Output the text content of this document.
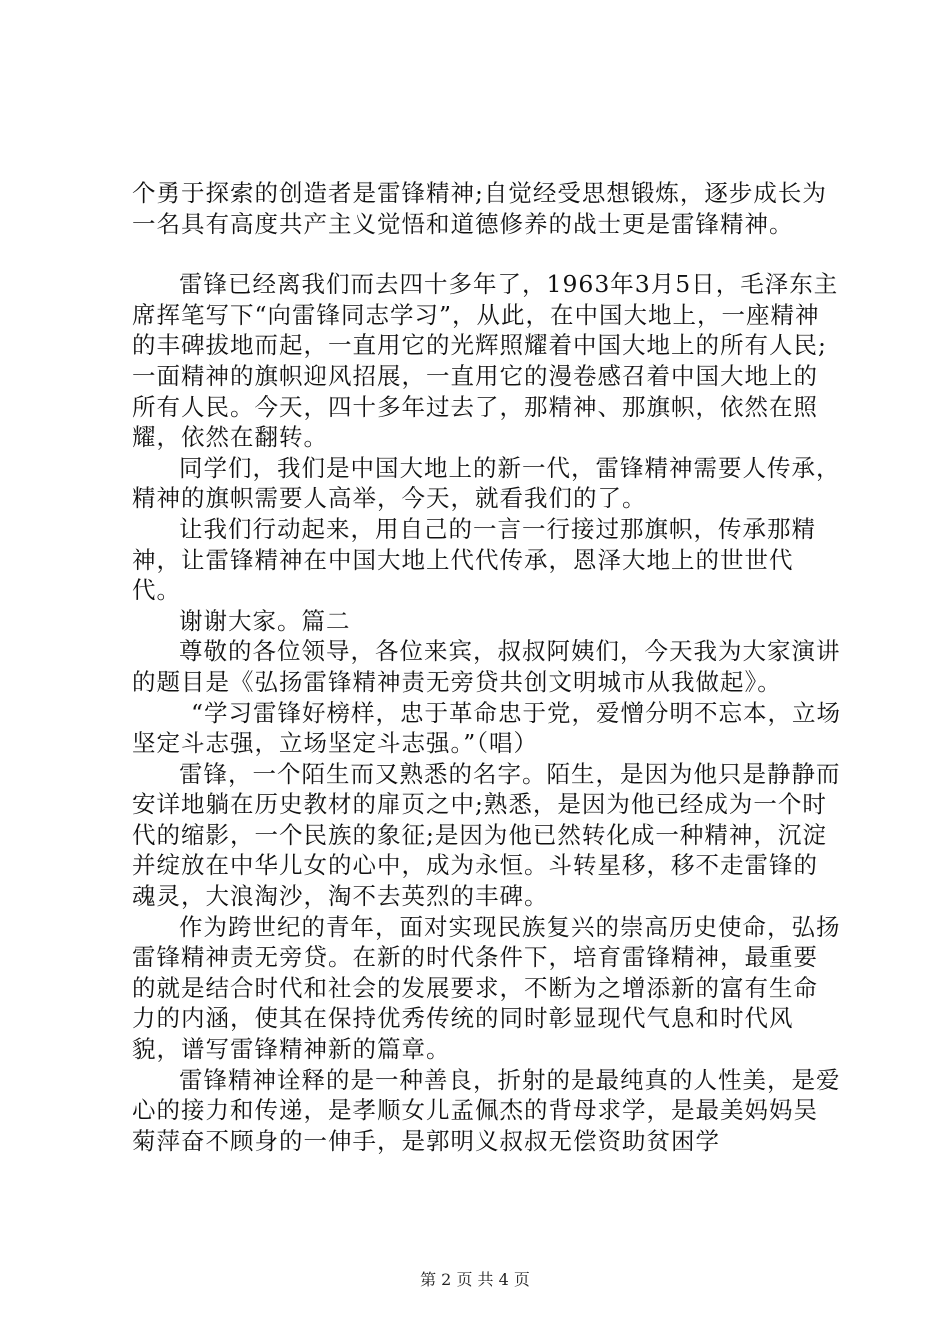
个勇于探索的创造者是雷锋精神;自觉经受思想锻炼，逐步成长为一名具有高度共产主义觉悟和道德修养的战士更是雷锋精神。

雷锋已经离我们而去四十多年了，1963年3月5日，毛泽东主席挥笔写下“向雷锋同志学习”，从此，在中国大地上，一座精神的丰碑拔地而起，一直用它的光辉照耀着中国大地上的所有人民;一面精神的旗帜迎风招展，一直用它的漫卷感召着中国大地上的所有人民。今天，四十多年过去了，那精神、那旗帜，依然在照耀，依然在翻转。

同学们，我们是中国大地上的新一代，雷锋精神需要人传承，精神的旗帜需要人高举，今天，就看我们的了。

让我们行动起来，用自己的一言一行接过那旗帜，传承那精神，让雷锋精神在中国大地上代代传承，恩泽大地上的世世代代。

谢谢大家。篇二

尊敬的各位领导，各位来宾，叔叔阿姨们，今天我为大家演讲的题目是《弘扬雷锋精神责无旁贷共创文明城市从我做起》。

“学习雷锋好榜样，忠于革命忠于党，爱憎分明不忘本，立场坚定斗志强，立场坚定斗志强。”（唱）

雷锋，一个陌生而又熟悉的名字。陌生，是因为他只是静静而安详地躺在历史教材的扉页之中;熟悉，是因为他已经成为一个时代的缩影，一个民族的象征;是因为他已然转化成一种精神，沉淀并绽放在中华儿女的心中，成为永恒。斗转星移，移不走雷锋的魂灵，大浪淘沙，淘不去英烈的丰碑。

作为跨世纪的青年，面对实现民族复兴的崇高历史使命，弘扬雷锋精神责无旁贷。在新的时代条件下，培育雷锋精神，最重要的就是结合时代和社会的发展要求，不断为之增添新的富有生命力的内涵，使其在保持优秀传统的同时彰显现代气息和时代风貌，谱写雷锋精神新的篇章。

雷锋精神诠释的是一种善良，折射的是最纯真的人性美，是爱心的接力和传递，是孝顺女儿孟佩杰的背母求学，是最美妈妈吴菊萍奋不顾身的一伸手，是郭明义叔叔无偿资助贫困学

第 2 页 共 4 页
